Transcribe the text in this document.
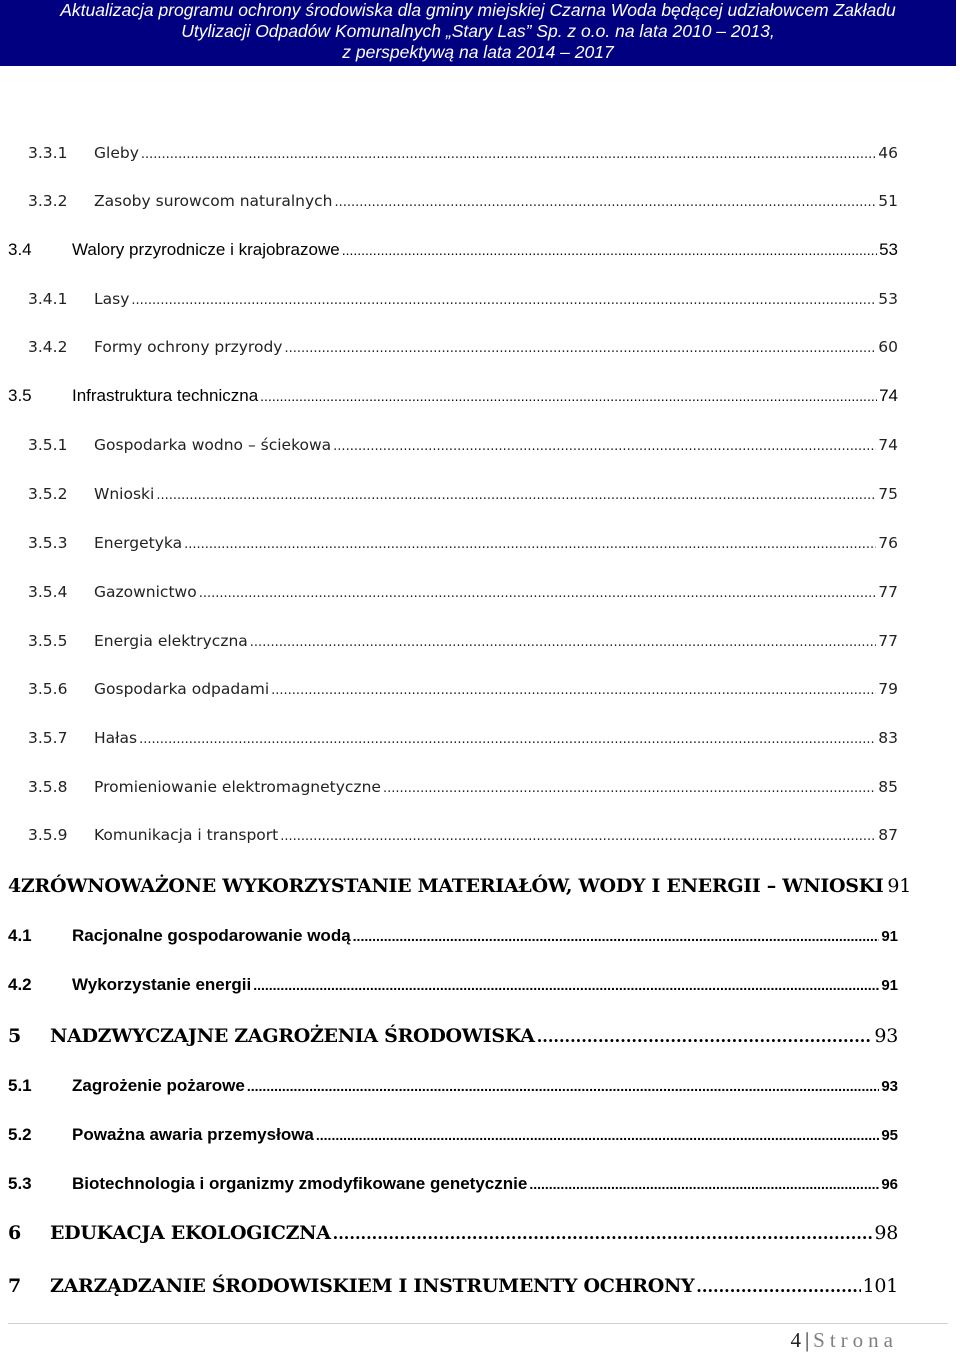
Aktualizacja programu ochrony środowiska dla gminy miejskiej Czarna Woda będącej udziałowcem Zakładu
Utylizacji Odpadów Komunalnych „Stary Las” Sp. z o.o. na lata 2010 – 2013,
z perspektywą na lata 2014 – 2017
3.3.1	Gleby .....	46
3.3.2	Zasoby surowcom naturalnych .....	51
3.4	Walory przyrodnicze i krajobrazowe .....	53
3.4.1	Lasy .....	53
3.4.2	Formy ochrony przyrody .....	60
3.5	Infrastruktura techniczna .....	74
3.5.1	Gospodarka wodno – ściekowa .....	74
3.5.2	Wnioski .....	75
3.5.3	Energetyka .....	76
3.5.4	Gazownictwo .....	77
3.5.5	Energia elektryczna .....	77
3.5.6	Gospodarka odpadami .....	79
3.5.7	Hałas .....	83
3.5.8	Promieniowanie elektromagnetyczne .....	85
3.5.9	Komunikacja i transport .....	87
4 ZRÓWNOWAŻONE WYKORZYSTANIE MATERIAŁÓW, WODY I ENERGII – WNIOSKI 91
4.1	Racjonalne gospodarowanie wodą .....	91
4.2	Wykorzystanie energii .....	91
5	NADZWYCZAJNE ZAGROŻENIA ŚRODOWISKA .....	93
5.1	Zagrożenie pożarowe .....	93
5.2	Poważna awaria przemysłowa .....	95
5.3	Biotechnologia i organizmy zmodyfikowane genetycznie .....	96
6	EDUKACJA EKOLOGICZNA .....	98
7	ZARZĄDZANIE ŚRODOWISKIEM I INSTRUMENTY OCHRONY .....	101
4 | Strona
